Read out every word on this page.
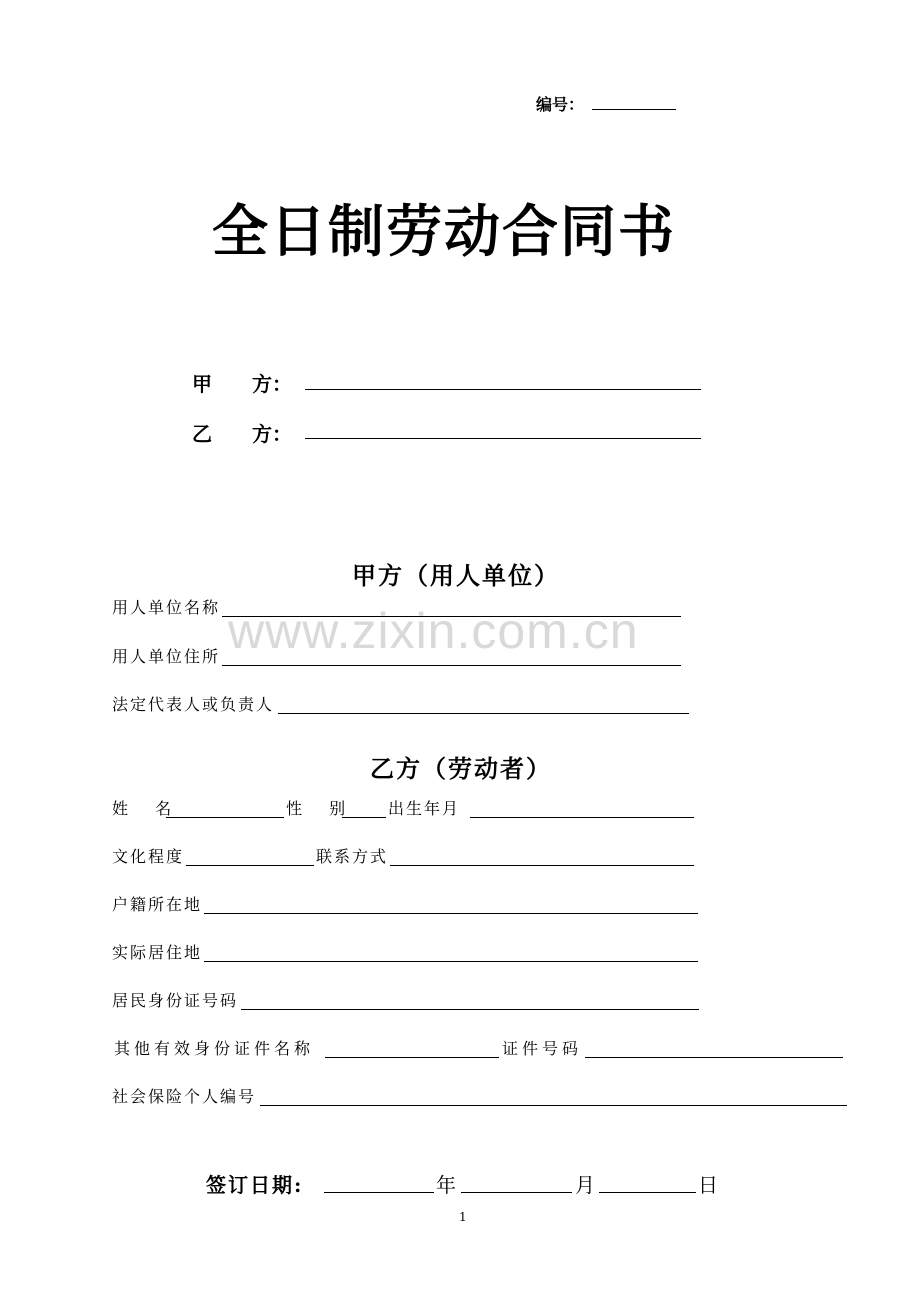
编号：
全日制劳动合同书
甲　　方：
乙　　方：
甲方（用人单位）
用人单位名称
用人单位住所
法定代表人或负责人
www.zixin.com.cn
乙方（劳动者）
姓　 名	性　 别	出生年月
文化程度	联系方式
户籍所在地
实际居住地
居民身份证号码
其他有效身份证件名称	证件号码
社会保险个人编号
签订日期:	年	月	日
1
